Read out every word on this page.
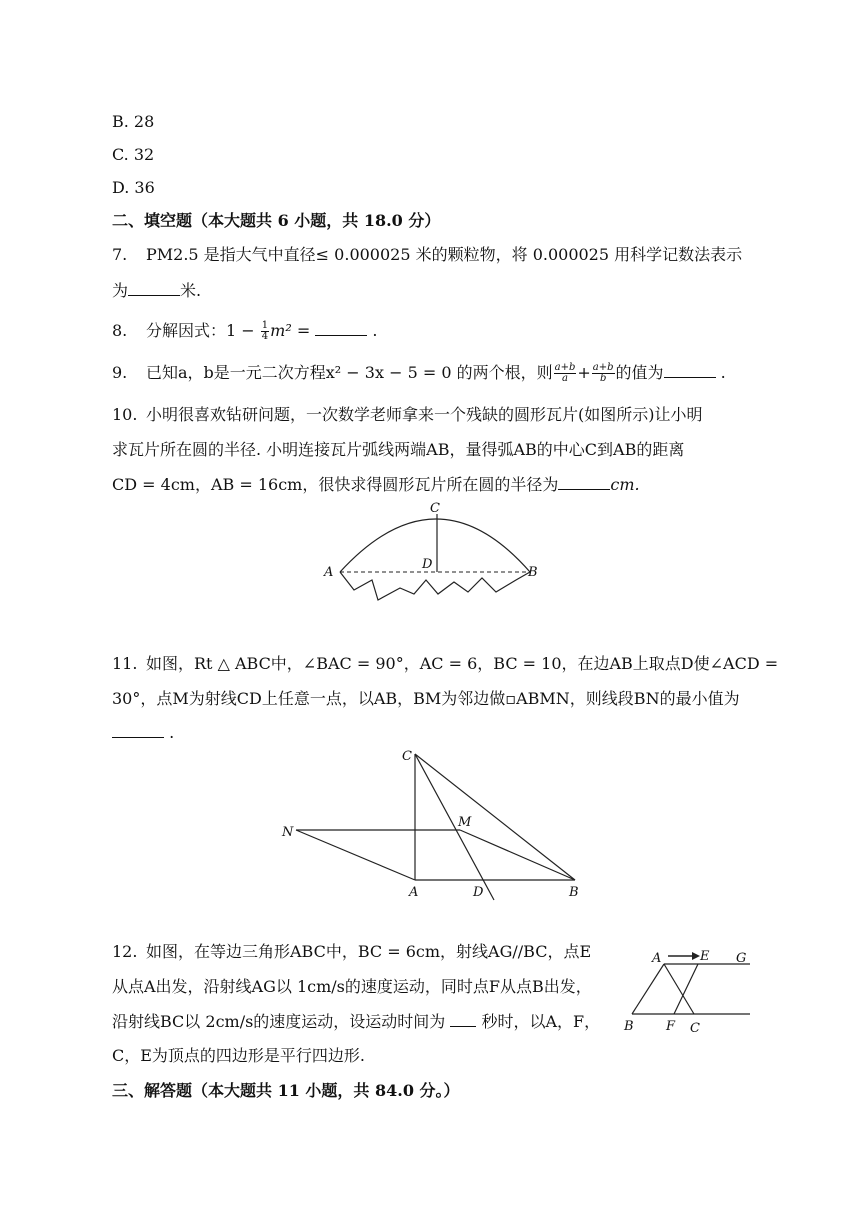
B. 28
C. 32
D. 36
二、填空题（本大题共 6 小题，共 18.0 分）
7. PM2.5 是指大气中直径≤ 0.000025 米的颗粒物，将 0.000025 用科学记数法表示
为	米.
8. 分解因式：$1 - \frac{1}{4} m^2$ =	.
9. 已知a，b是一元二次方程x² − 3x − 5 = 0 的两个根，则 $\frac{a+b}{a} + \frac{a+b}{b}$ 的值为	.
10. 小明很喜欢钻研问题，一次数学老师拿来一个残缺的圆形瓦片(如图所示)让小明
求瓦片所在圆的半径. 小明连接瓦片弧线两端AB，量得弧AB的中心C到AB的距离
CD = 4cm，AB = 16cm，很快求得圆形瓦片所在圆的半径为	cm.
A	B
C
D
11. 如图，Rt △ ABC中，∠BAC = 90°，AC = 6，BC = 10，在边AB上取点D使∠ACD =
30°，点M为射线CD上任意一点，以AB，BM为邻边做▫ABMN，则线段BN的最小值为
.
C
N
M
A	D	B
12. 如图，在等边三角形ABC中，BC = 6cm，射线AG//BC，点E
从点A出发，沿射线AG以 1cm/s的速度运动，同时点F从点B出发，
沿射线BC以 2cm/s的速度运动，设运动时间为 秒时，以A，F，
C，E为顶点的四边形是平行四边形.
A	E G
B F C
三、解答题（本大题共 11 小题，共 84.0 分。）
